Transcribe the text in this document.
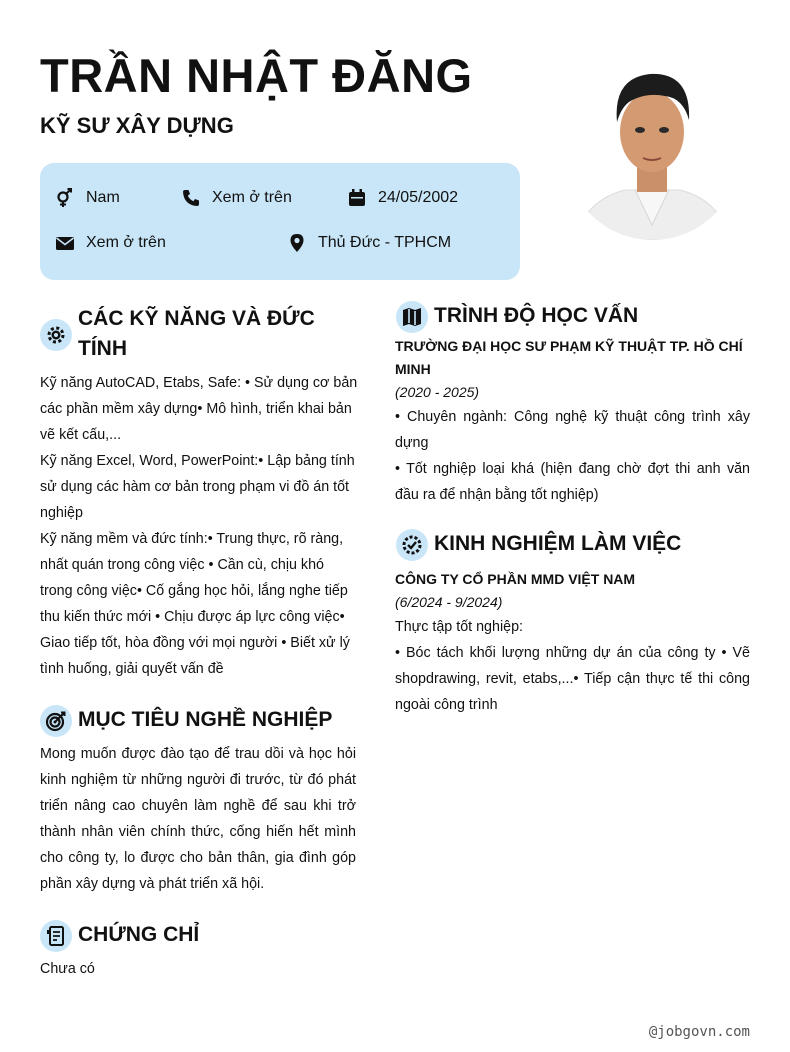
TRẦN NHẬT ĐĂNG
KỸ SƯ XÂY DỰNG
Nam	Xem ở trên	24/05/2002
Xem ở trên	Thủ Đức - TPHCM
CÁC KỸ NĂNG VÀ ĐỨC TÍNH
Kỹ năng AutoCAD, Etabs, Safe: • Sử dụng cơ bản các phần mềm xây dựng• Mô hình, triển khai bản vẽ kết cấu,...
Kỹ năng Excel, Word, PowerPoint:• Lập bảng tính sử dụng các hàm cơ bản trong phạm vi đồ án tốt nghiệp
Kỹ năng mềm và đức tính:• Trung thực, rõ ràng, nhất quán trong công việc • Cần cù, chịu khó trong công việc• Cố gắng học hỏi, lắng nghe tiếp thu kiến thức mới • Chịu được áp lực công việc• Giao tiếp tốt, hòa đồng với mọi người • Biết xử lý tình huống, giải quyết vấn đề
MỤC TIÊU NGHỀ NGHIỆP

Mong muốn được đào tạo để trau dồi và học hỏi kinh nghiệm từ những người đi trước, từ đó phát triển nâng cao chuyên làm nghề để sau khi trở thành nhân viên chính thức, cống hiến hết mình cho công ty, lo được cho bản thân, gia đình góp phần xây dựng và phát triển xã hội.

CHỨNG CHỈ

Chưa có

TRÌNH ĐỘ HỌC VẤN
TRƯỜNG ĐẠI HỌC SƯ PHẠM KỸ THUẬT TP. HỒ CHÍ MINH
(2020 - 2025)
• Chuyên ngành: Công nghệ kỹ thuật công trình xây dựng
• Tốt nghiệp loại khá (hiện đang chờ đợt thi anh văn đầu ra để nhận bằng tốt nghiệp)
KINH NGHIỆM LÀM VIỆC
CÔNG TY CỔ PHẦN MMD VIỆT NAM
(6/2024 - 9/2024)
Thực tập tốt nghiệp:
• Bóc tách khối lượng những dự án của công ty • Vẽ shopdrawing, revit, etabs,...• Tiếp cận thực tế thi công ngoài công trình
@jobgovn.com
